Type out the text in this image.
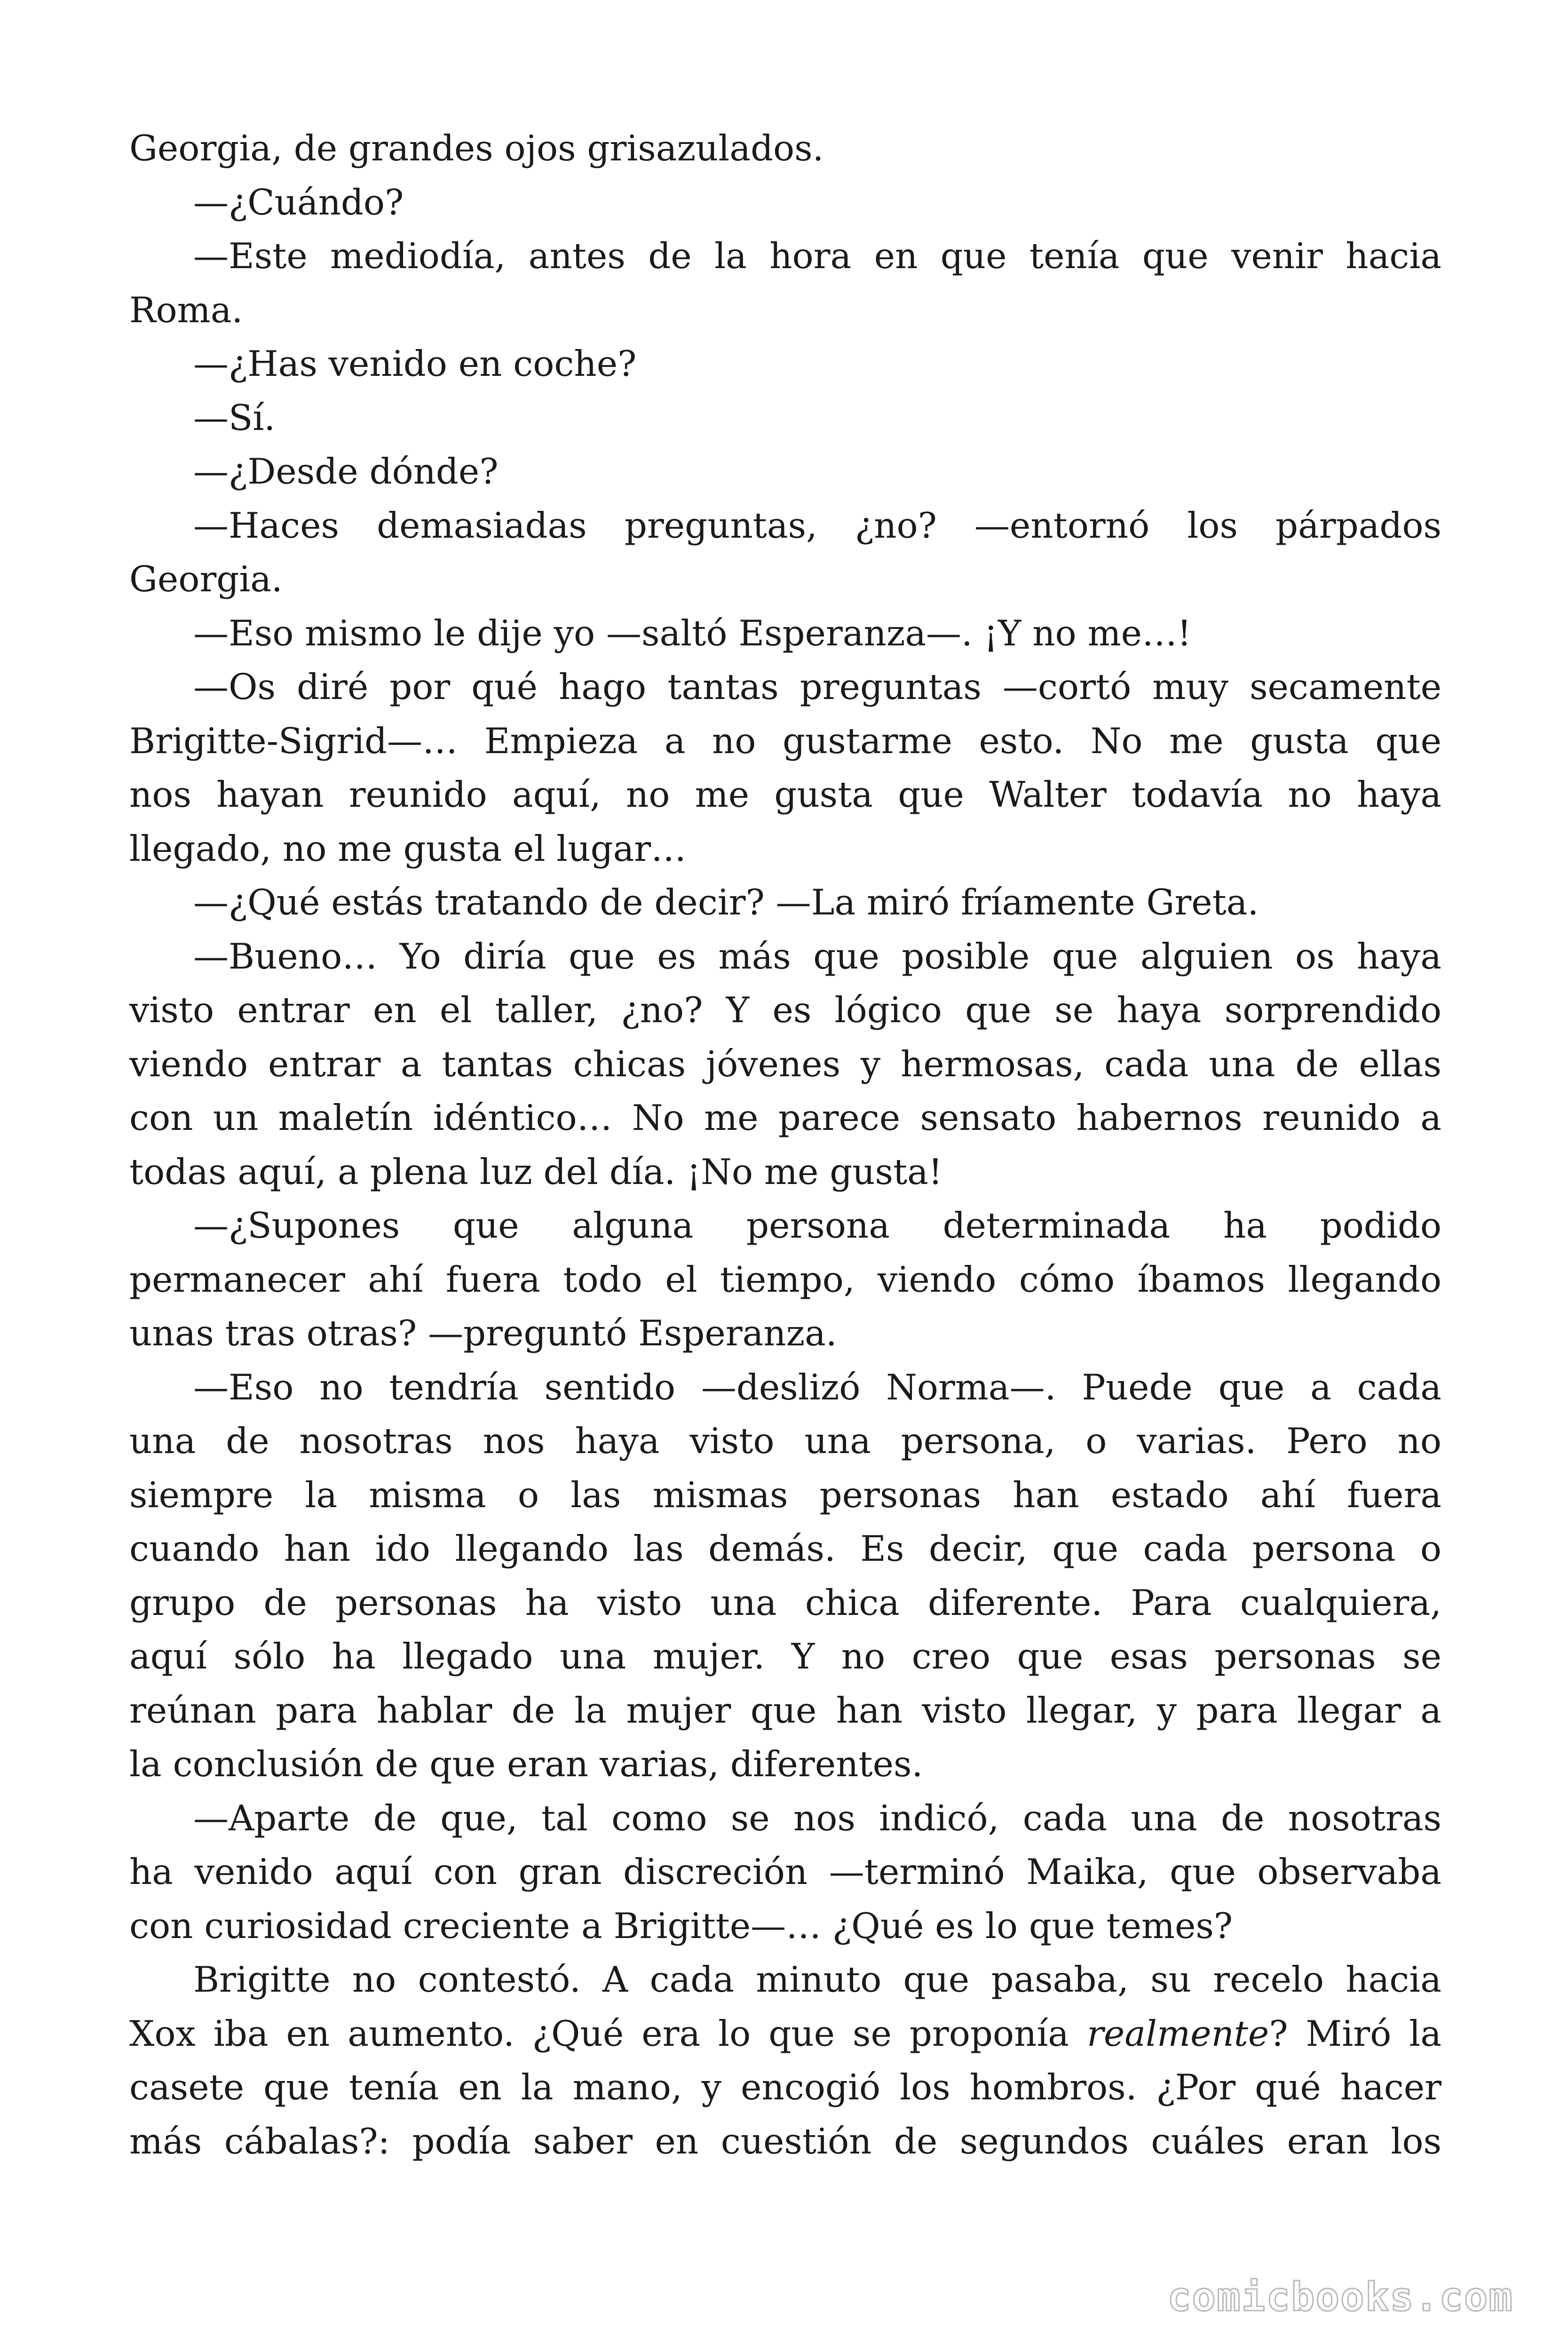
Georgia, de grandes ojos grisazulados.
—¿Cuándo?
—Este mediodía, antes de la hora en que tenía que venir hacia
Roma.
—¿Has venido en coche?
—Sí.
—¿Desde dónde?
—Haces demasiadas preguntas, ¿no? —entornó los párpados
Georgia.
—Eso mismo le dije yo —saltó Esperanza—. ¡Y no me…!
—Os diré por qué hago tantas preguntas —cortó muy secamente
Brigitte-Sigrid—… Empieza a no gustarme esto. No me gusta que
nos hayan reunido aquí, no me gusta que Walter todavía no haya
llegado, no me gusta el lugar…
—¿Qué estás tratando de decir? —La miró fríamente Greta.
—Bueno… Yo diría que es más que posible que alguien os haya
visto entrar en el taller, ¿no? Y es lógico que se haya sorprendido
viendo entrar a tantas chicas jóvenes y hermosas, cada una de ellas
con un maletín idéntico… No me parece sensato habernos reunido a
todas aquí, a plena luz del día. ¡No me gusta!
—¿Supones que alguna persona determinada ha podido
permanecer ahí fuera todo el tiempo, viendo cómo íbamos llegando
unas tras otras? —preguntó Esperanza.
—Eso no tendría sentido —deslizó Norma—. Puede que a cada
una de nosotras nos haya visto una persona, o varias. Pero no
siempre la misma o las mismas personas han estado ahí fuera
cuando han ido llegando las demás. Es decir, que cada persona o
grupo de personas ha visto una chica diferente. Para cualquiera,
aquí sólo ha llegado una mujer. Y no creo que esas personas se
reúnan para hablar de la mujer que han visto llegar, y para llegar a
la conclusión de que eran varias, diferentes.
—Aparte de que, tal como se nos indicó, cada una de nosotras
ha venido aquí con gran discreción —terminó Maika, que observaba
con curiosidad creciente a Brigitte—… ¿Qué es lo que temes?
Brigitte no contestó. A cada minuto que pasaba, su recelo hacia
Xox iba en aumento. ¿Qué era lo que se proponía realmente? Miró la
casete que tenía en la mano, y encogió los hombros. ¿Por qué hacer
más cábalas?: podía saber en cuestión de segundos cuáles eran los
comicbooks.com
